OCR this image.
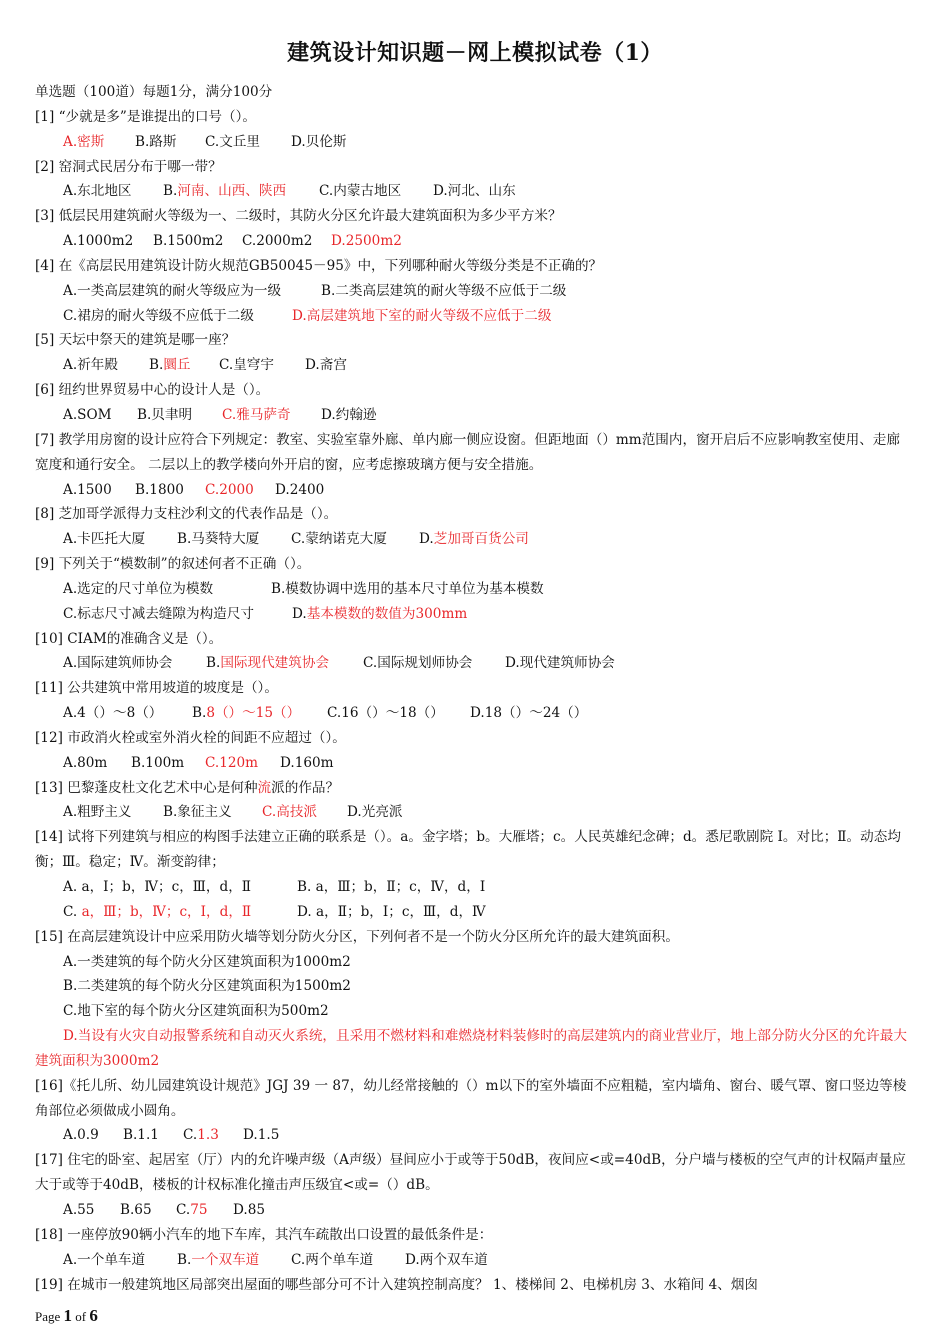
建筑设计知识题－网上模拟试卷（1）
单选题（100道）每题1分，满分100分
[1] “少就是多”是谁提出的口号（）。
A.密斯 B.路斯 C.文丘里 D.贝伦斯
[2] 窑洞式民居分布于哪一带？
A.东北地区 B.河南、山西、陕西 C.内蒙古地区 D.河北、山东
[3] 低层民用建筑耐火等级为一、二级时，其防火分区允许最大建筑面积为多少平方米？
A.1000m2 B.1500m2 C.2000m2 D.2500m2
[4] 在《高层民用建筑设计防火规范GB50045－95》中，下列哪种耐火等级分类是不正确的？
A.一类高层建筑的耐火等级应为一级	B.二类高层建筑的耐火等级不应低于二级
C.裙房的耐火等级不应低于二级	D.高层建筑地下室的耐火等级不应低于二级
[5] 天坛中祭天的建筑是哪一座？
A.祈年殿 B.圜丘 C.皇穹宇 D.斋宫
[6] 纽约世界贸易中心的设计人是（）。
A.SOM B.贝聿明 C.雅马萨奇 D.约翰逊
[7] 教学用房窗的设计应符合下列规定：教室、实验室靠外廊、单内廊一侧应设窗。但距地面（）mm范围内，窗开启后不应影响教室使用、走廊宽度和通行安全。 二层以上的教学楼向外开启的窗，应考虑擦玻璃方便与安全措施。
A.1500 B.1800 C.2000 D.2400
[8] 芝加哥学派得力支柱沙利文的代表作品是（）。
A.卡匹托大厦 B.马葵特大厦 C.蒙纳诺克大厦 D.芝加哥百货公司
[9] 下列关于“模数制”的叙述何者不正确（）。
A.选定的尺寸单位为模数	B.模数协调中选用的基本尺寸单位为基本模数
C.标志尺寸减去缝隙为构造尺寸	D.基本模数的数值为300mm
[10] CIAM的准确含义是（）。
A.国际建筑师协会 B.国际现代建筑协会 C.国际规划师协会 D.现代建筑师协会
[11] 公共建筑中常用坡道的坡度是（）。
A.4（）～8（） B.8（）～15（） C.16（）～18（） D.18（）～24（）
[12] 市政消火栓或室外消火栓的间距不应超过（）。
A.80m B.100m C.120m D.160m
[13] 巴黎蓬皮杜文化艺术中心是何种流派的作品？
A.粗野主义 B.象征主义 C.高技派 D.光亮派
[14] 试将下列建筑与相应的构图手法建立正确的联系是（）。a。金字塔；b。大雁塔；c。人民英雄纪念碑；d。悉尼歌剧院 Ⅰ。对比；Ⅱ。动态均衡；Ⅲ。稳定；Ⅳ。渐变韵律；
A. a，Ⅰ；b，Ⅳ；c，Ⅲ，d，Ⅱ	B. a，Ⅲ；b，Ⅱ；c，Ⅳ，d，Ⅰ
C. a，Ⅲ；b，Ⅳ；c，Ⅰ，d，Ⅱ	D. a，Ⅱ；b，Ⅰ；c，Ⅲ，d，Ⅳ
[15] 在高层建筑设计中应采用防火墙等划分防火分区，下列何者不是一个防火分区所允许的最大建筑面积。
A.一类建筑的每个防火分区建筑面积为1000m2
B.二类建筑的每个防火分区建筑面积为1500m2
C.地下室的每个防火分区建筑面积为500m2
D.当设有火灾自动报警系统和自动灭火系统，且采用不燃材料和难燃烧材料装修时的高层建筑内的商业营业厅，地上部分防火分区的允许最大建筑面积为3000m2
[16]《托儿所、幼儿园建筑设计规范》JGJ 39 一 87，幼儿经常接触的（）m以下的室外墙面不应粗糙，室内墙角、窗台、暖气罩、窗口竖边等棱角部位必须做成小圆角。
A.0.9 B.1.1 C.1.3 D.1.5
[17] 住宅的卧室、起居室（厅）内的允许噪声级（A声级）昼间应小于或等于50dB，夜间应<或=40dB，分户墙与楼板的空气声的计权隔声量应大于或等于40dB，楼板的计权标准化撞击声压级宜<或=（）dB。
A.55 B.65 C.75 D.85
[18] 一座停放90辆小汽车的地下车库，其汽车疏散出口设置的最低条件是：
A.一个单车道 B.一个双车道 C.两个单车道 D.两个双车道
[19] 在城市一般建筑地区局部突出屋面的哪些部分可不计入建筑控制高度？ 1、楼梯间 2、电梯机房 3、水箱间 4、烟囱
Page 1 of 6
